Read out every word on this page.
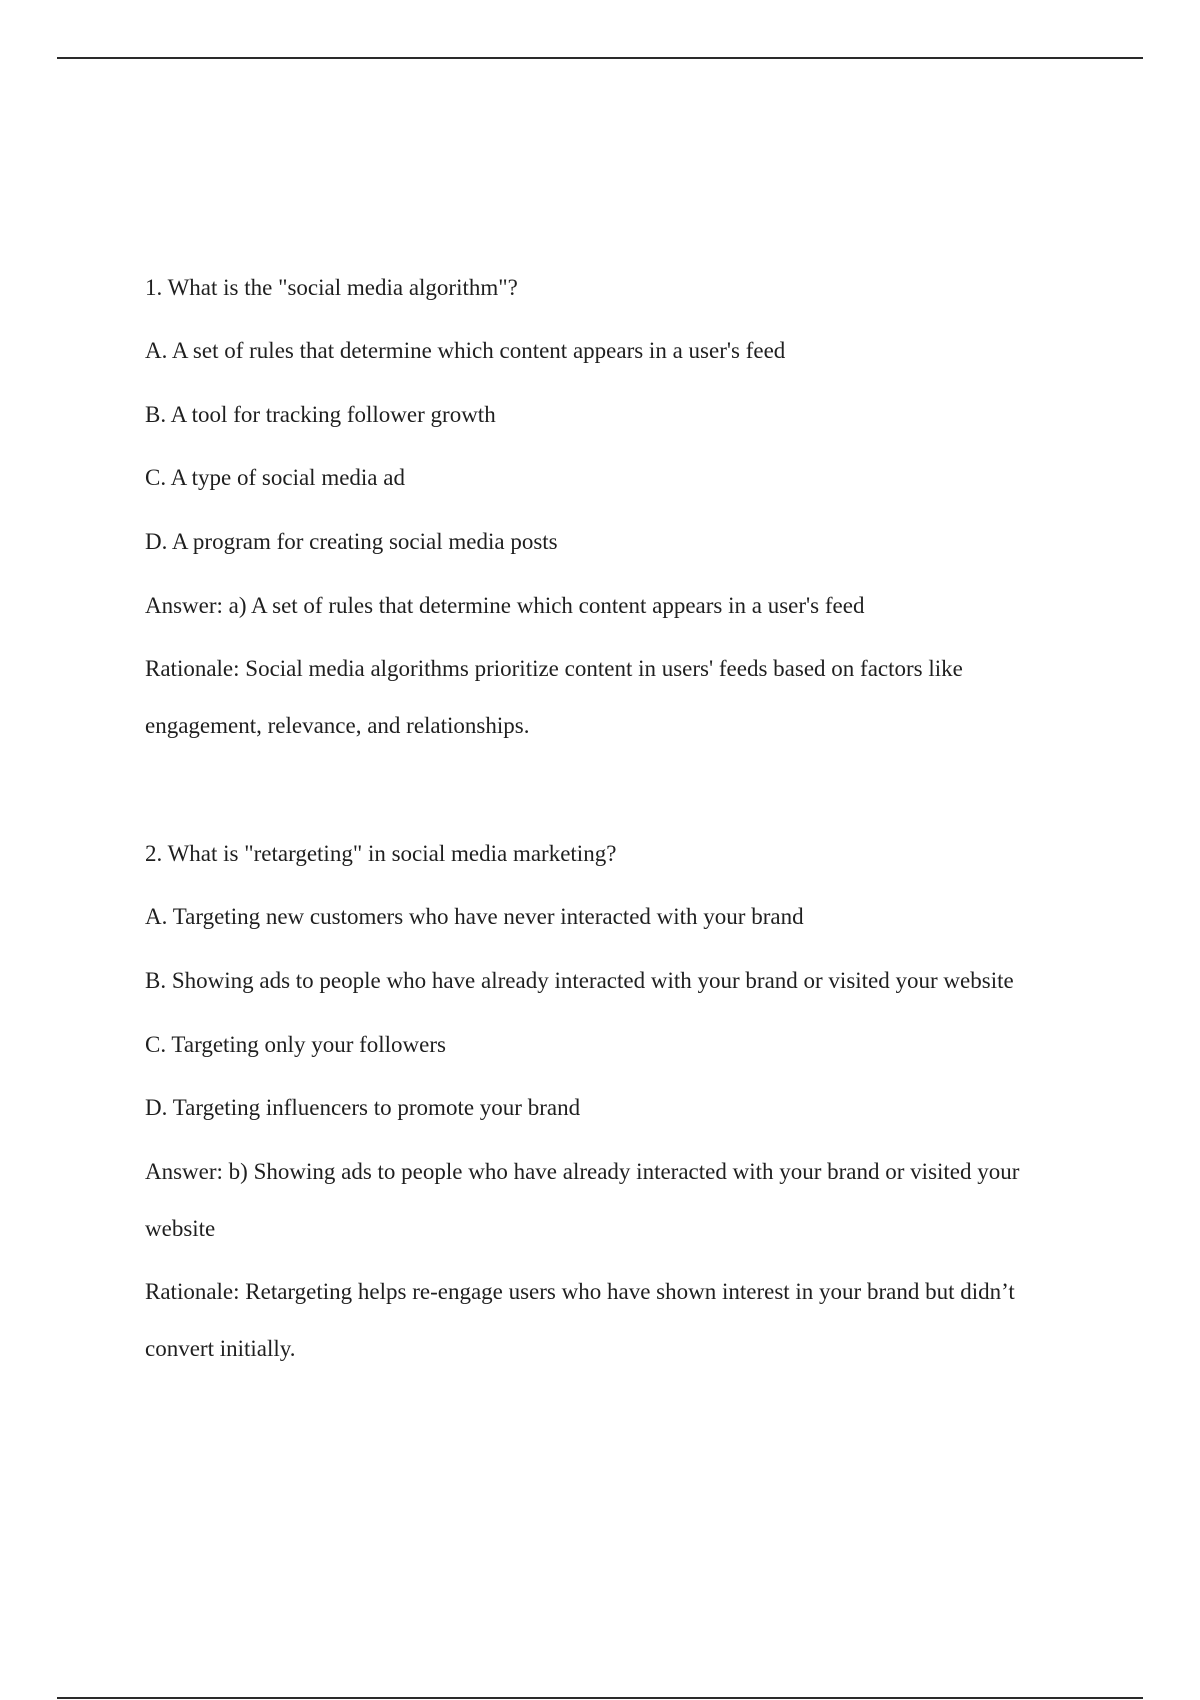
1. What is the "social media algorithm"?

A. A set of rules that determine which content appears in a user's feed

B. A tool for tracking follower growth

C. A type of social media ad

D. A program for creating social media posts

Answer: a) A set of rules that determine which content appears in a user's feed

Rationale: Social media algorithms prioritize content in users' feeds based on factors like

engagement, relevance, and relationships.

2. What is "retargeting" in social media marketing?

A. Targeting new customers who have never interacted with your brand

B. Showing ads to people who have already interacted with your brand or visited your website

C. Targeting only your followers

D. Targeting influencers to promote your brand

Answer: b) Showing ads to people who have already interacted with your brand or visited your

website

Rationale: Retargeting helps re-engage users who have shown interest in your brand but didn’t

convert initially.
